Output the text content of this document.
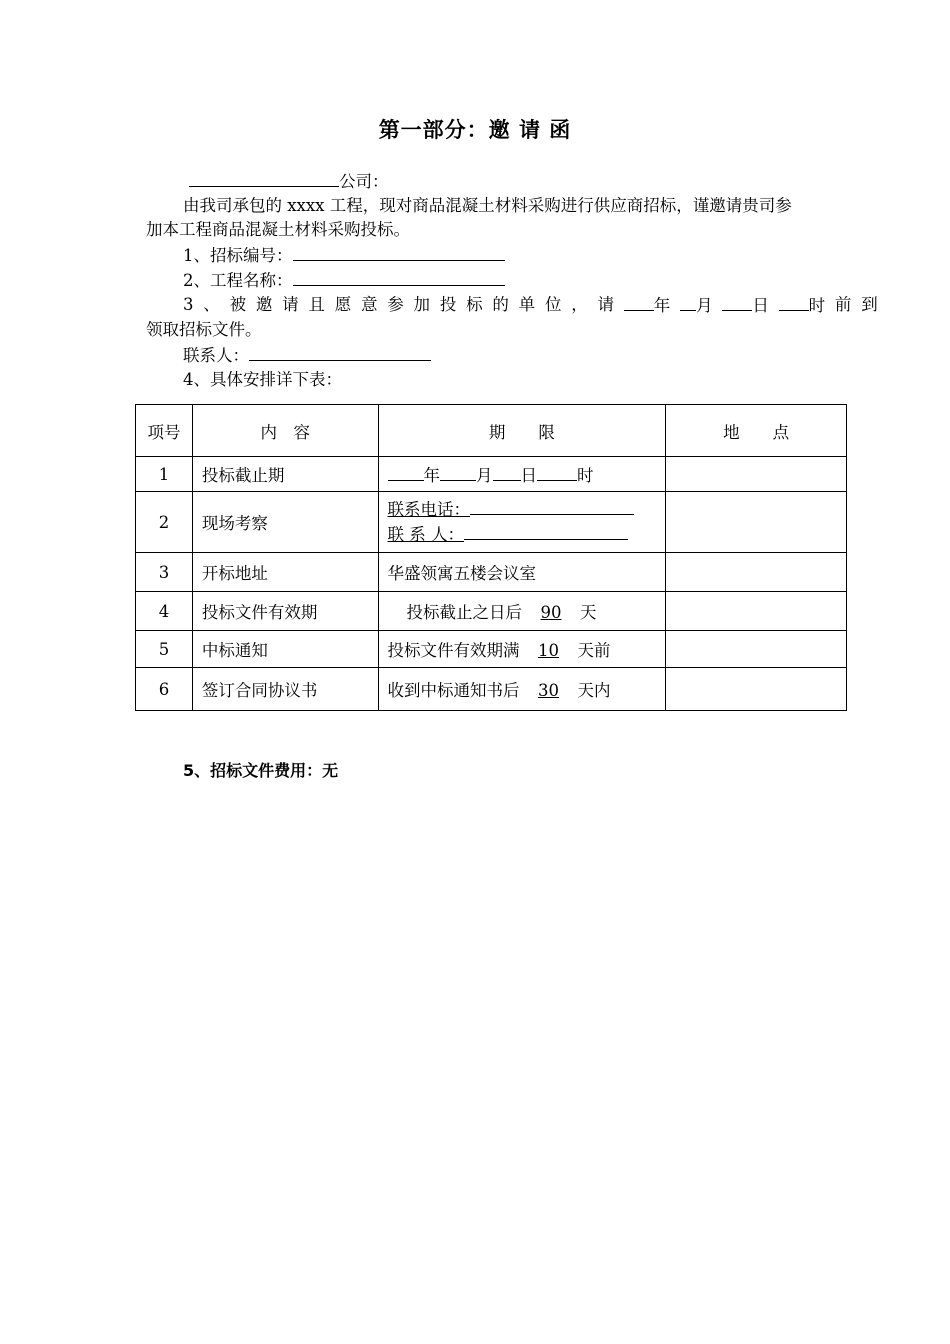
第一部分：邀 请 函
公司：
由我司承包的 xxxx 工程，现对商品混凝土材料采购进行供应商招标，谨邀请贵司参
加本工程商品混凝土材料采购投标。
1、招标编号：
2、工程名称：
3 、 被 邀 请 且 愿 意 参 加 投 标 的 单 位 ， 请	年	月	日	时 前 到
领取招标文件。
联系人：
4、具体安排详下表：
项号	内　容	期　　限	地　　点
1	投标截止期	年 月 日 时	
2	现场考察	联系电话：
联 系 人：	

3	开标地址	华盛领寓五楼会议室	
4	投标文件有效期	投标截止之日后 90 天	
5	中标通知	投标文件有效期满 10 天前	
6	签订合同协议书	收到中标通知书后 30 天内	
5、招标文件费用：无
